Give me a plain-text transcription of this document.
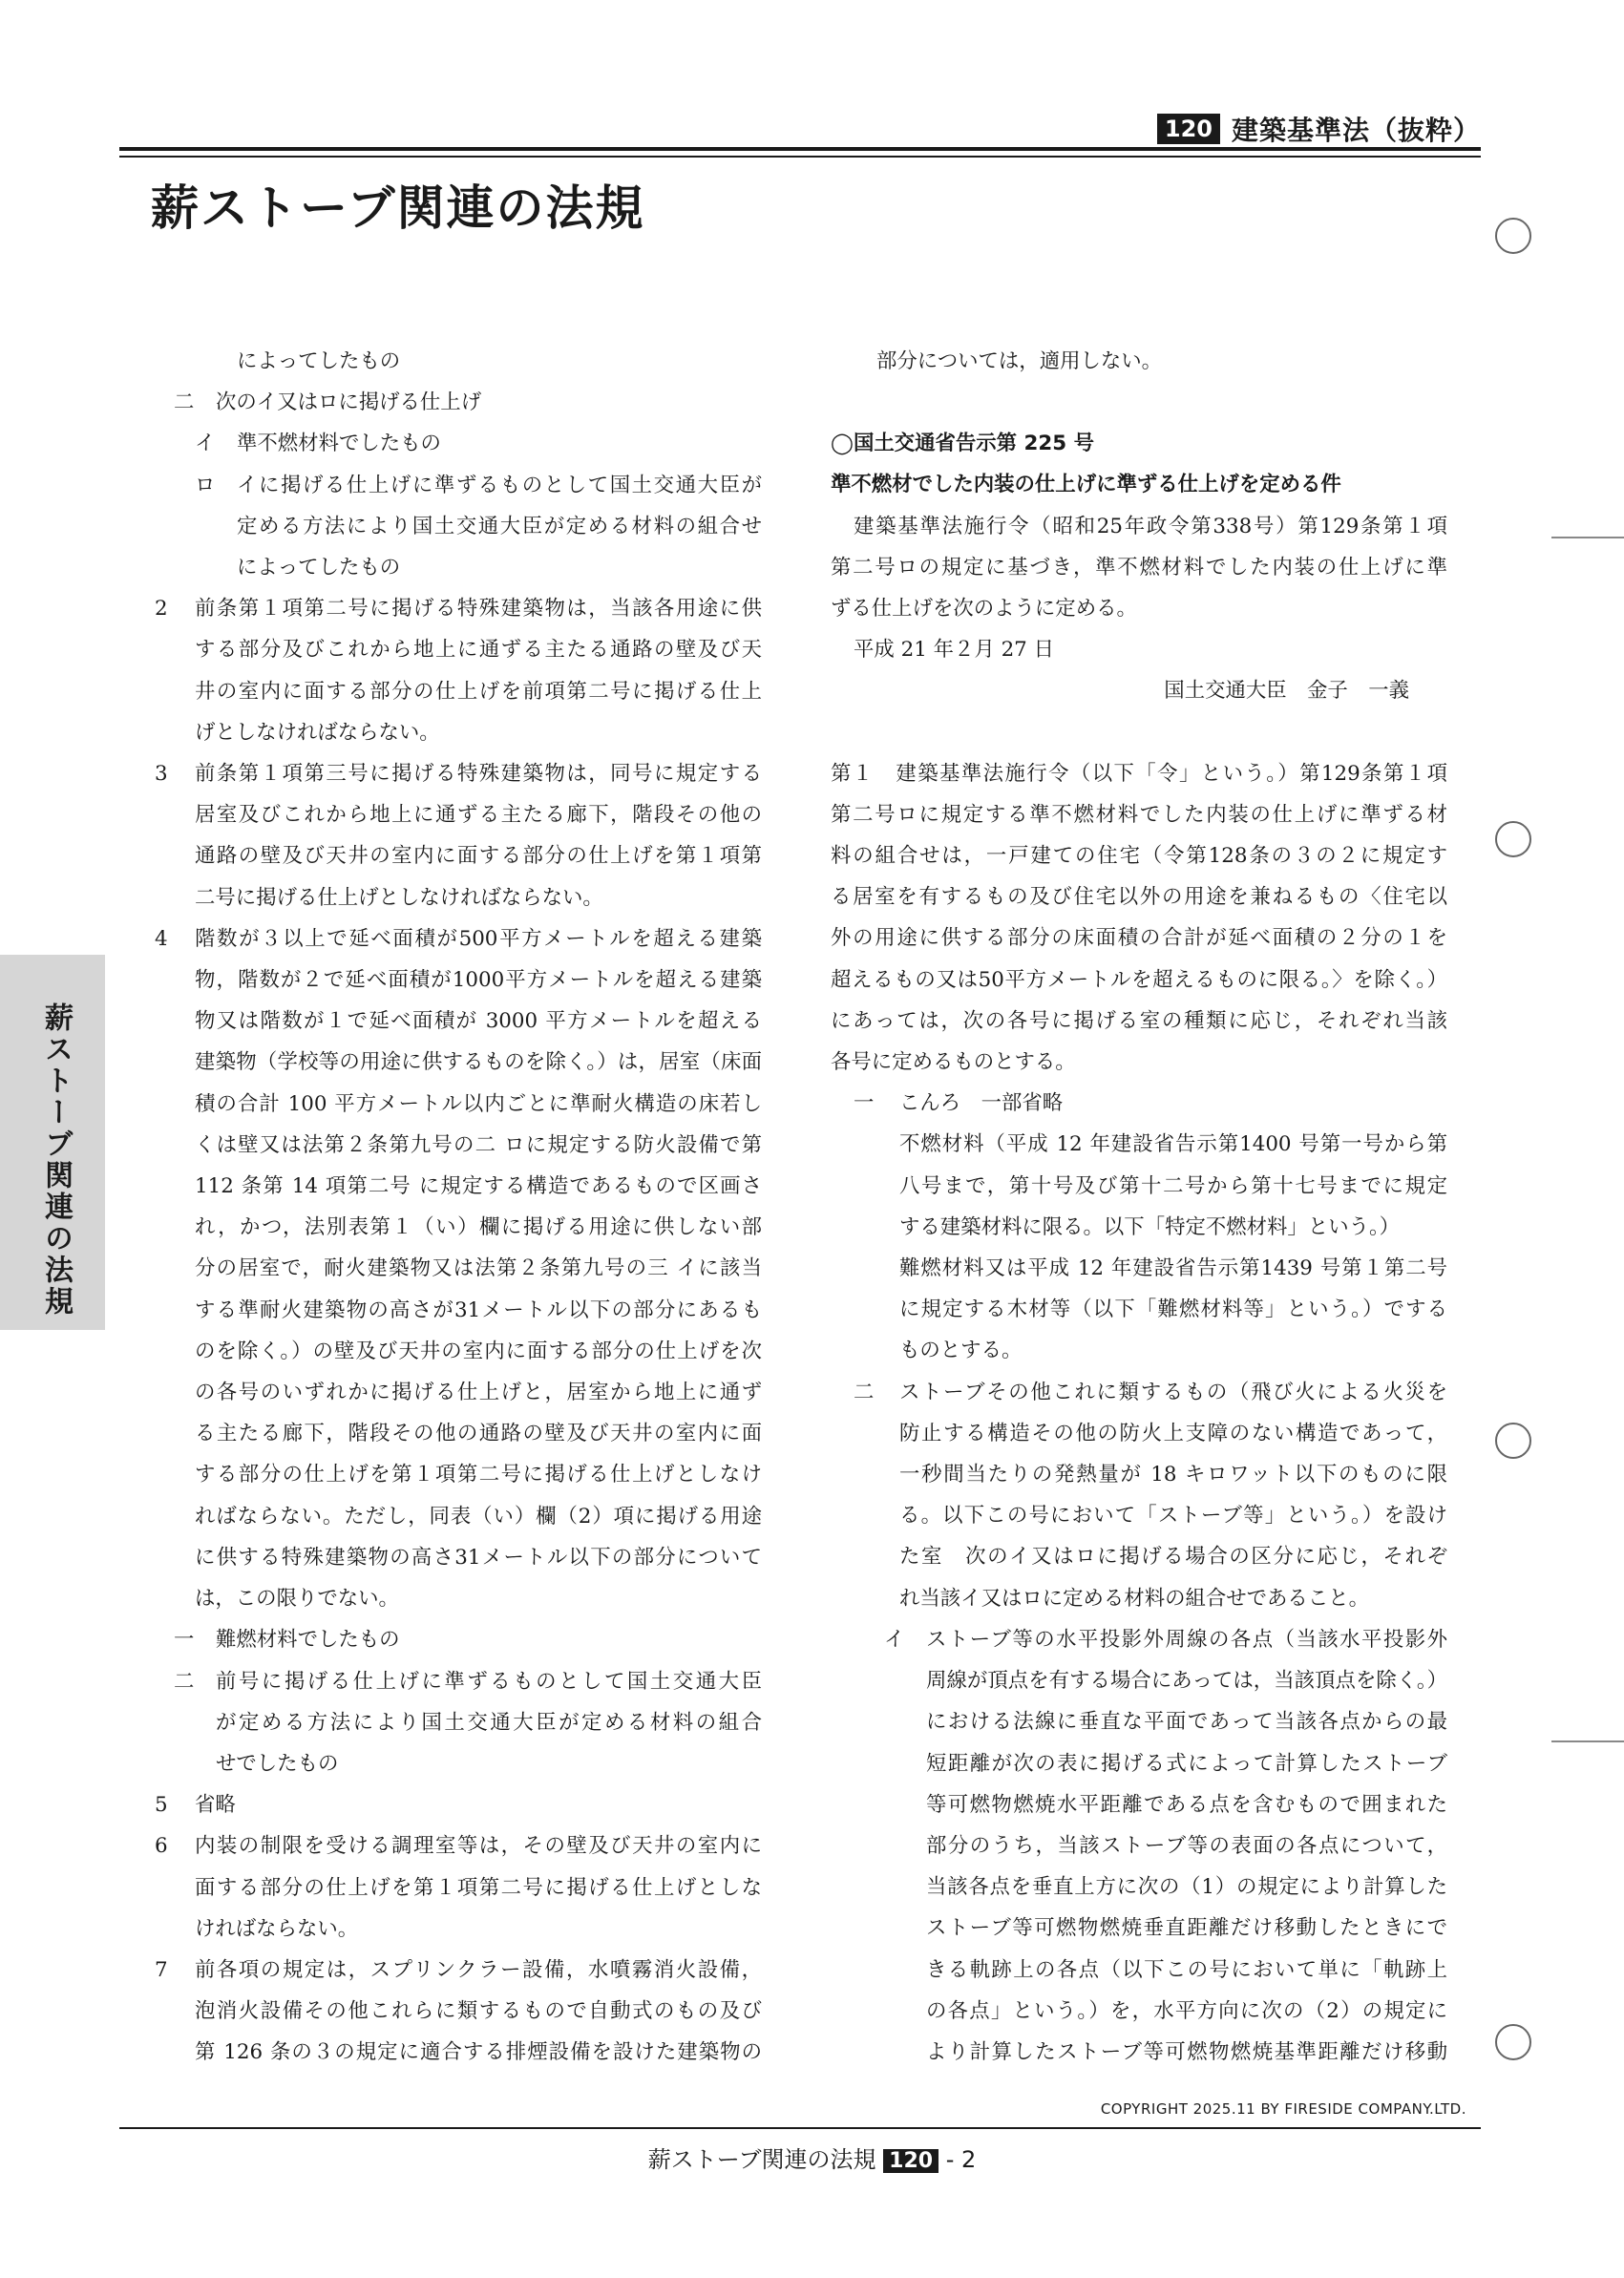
120 建築基準法（抜粋）
薪ストーブ関連の法規
薪ストーブ関連の法規
によってしたもの
二	次のイ又はロに掲げる仕上げ
イ	準不燃材料でしたもの
ロ	イに掲げる仕上げに準ずるものとして国土交通大臣が
定める方法により国土交通大臣が定める材料の組合せ
によってしたもの
2	前条第１項第二号に掲げる特殊建築物は，当該各用途に供
する部分及びこれから地上に通ずる主たる通路の壁及び天
井の室内に面する部分の仕上げを前項第二号に掲げる仕上
げとしなければならない。
3	前条第１項第三号に掲げる特殊建築物は，同号に規定する
居室及びこれから地上に通ずる主たる廊下，階段その他の
通路の壁及び天井の室内に面する部分の仕上げを第１項第
二号に掲げる仕上げとしなければならない。
4	階数が３以上で延べ面積が500平方メートルを超える建築
物，階数が２で延べ面積が1000平方メートルを超える建築
物又は階数が１で延べ面積が 3000 平方メートルを超える
建築物（学校等の用途に供するものを除く。）は，居室（床面
積の合計 100 平方メートル以内ごとに準耐火構造の床若し
くは壁又は法第２条第九号の二 ロに規定する防火設備で第
112 条第 14 項第二号 に規定する構造であるもので区画さ
れ，かつ，法別表第１（い）欄に掲げる用途に供しない部
分の居室で，耐火建築物又は法第２条第九号の三 イに該当
する準耐火建築物の高さが31メートル以下の部分にあるも
のを除く。）の壁及び天井の室内に面する部分の仕上げを次
の各号のいずれかに掲げる仕上げと，居室から地上に通ず
る主たる廊下，階段その他の通路の壁及び天井の室内に面
する部分の仕上げを第１項第二号に掲げる仕上げとしなけ
ればならない。ただし，同表（い）欄（2）項に掲げる用途
に供する特殊建築物の高さ31メートル以下の部分について
は，この限りでない。
一	難燃材料でしたもの
二	前号に掲げる仕上げに準ずるものとして国土交通大臣
が定める方法により国土交通大臣が定める材料の組合
せでしたもの
5	省略
6	内装の制限を受ける調理室等は，その壁及び天井の室内に
面する部分の仕上げを第１項第二号に掲げる仕上げとしな
ければならない。
7	前各項の規定は，スプリンクラー設備，水噴霧消火設備，
泡消火設備その他これらに類するもので自動式のもの及び
第 126 条の３の規定に適合する排煙設備を設けた建築物の
部分については，適用しない。
◯国土交通省告示第 225 号
準不燃材でした内装の仕上げに準ずる仕上げを定める件
建築基準法施行令（昭和25年政令第338号）第129条第１項
第二号ロの規定に基づき，準不燃材料でした内装の仕上げに準
ずる仕上げを次のように定める。
平成 21 年２月 27 日
国土交通大臣　金子　一義
第１　建築基準法施行令（以下「令」という。）第129条第１項
第二号ロに規定する準不燃材料でした内装の仕上げに準ずる材
料の組合せは，一戸建ての住宅（令第128条の３の２に規定す
る居室を有するもの及び住宅以外の用途を兼ねるもの〈住宅以
外の用途に供する部分の床面積の合計が延べ面積の２分の１を
超えるもの又は50平方メートルを超えるものに限る。〉を除く。）
にあっては，次の各号に掲げる室の種類に応じ，それぞれ当該
各号に定めるものとする。
一	こんろ　一部省略
不燃材料（平成 12 年建設省告示第1400 号第一号から第
八号まで，第十号及び第十二号から第十七号までに規定
する建築材料に限る。以下「特定不燃材料」という。）
難燃材料又は平成 12 年建設省告示第1439 号第１第二号
に規定する木材等（以下「難燃材料等」という。）でする
ものとする。
二	ストーブその他これに類するもの（飛び火による火災を
防止する構造その他の防火上支障のない構造であって，
一秒間当たりの発熱量が 18 キロワット以下のものに限
る。以下この号において「ストーブ等」という。）を設け
た室　次のイ又はロに掲げる場合の区分に応じ，それぞ
れ当該イ又はロに定める材料の組合せであること。
イ	ストーブ等の水平投影外周線の各点（当該水平投影外
周線が頂点を有する場合にあっては，当該頂点を除く。）
における法線に垂直な平面であって当該各点からの最
短距離が次の表に掲げる式によって計算したストーブ
等可燃物燃焼水平距離である点を含むもので囲まれた
部分のうち，当該ストーブ等の表面の各点について，
当該各点を垂直上方に次の（1）の規定により計算した
ストーブ等可燃物燃焼垂直距離だけ移動したときにで
きる軌跡上の各点（以下この号において単に「軌跡上
の各点」という。）を，水平方向に次の（2）の規定に
より計算したストーブ等可燃物燃焼基準距離だけ移動
COPYRIGHT 2025.11 BY FIRESIDE COMPANY.LTD.
薪ストーブ関連の法規 120 - 2
